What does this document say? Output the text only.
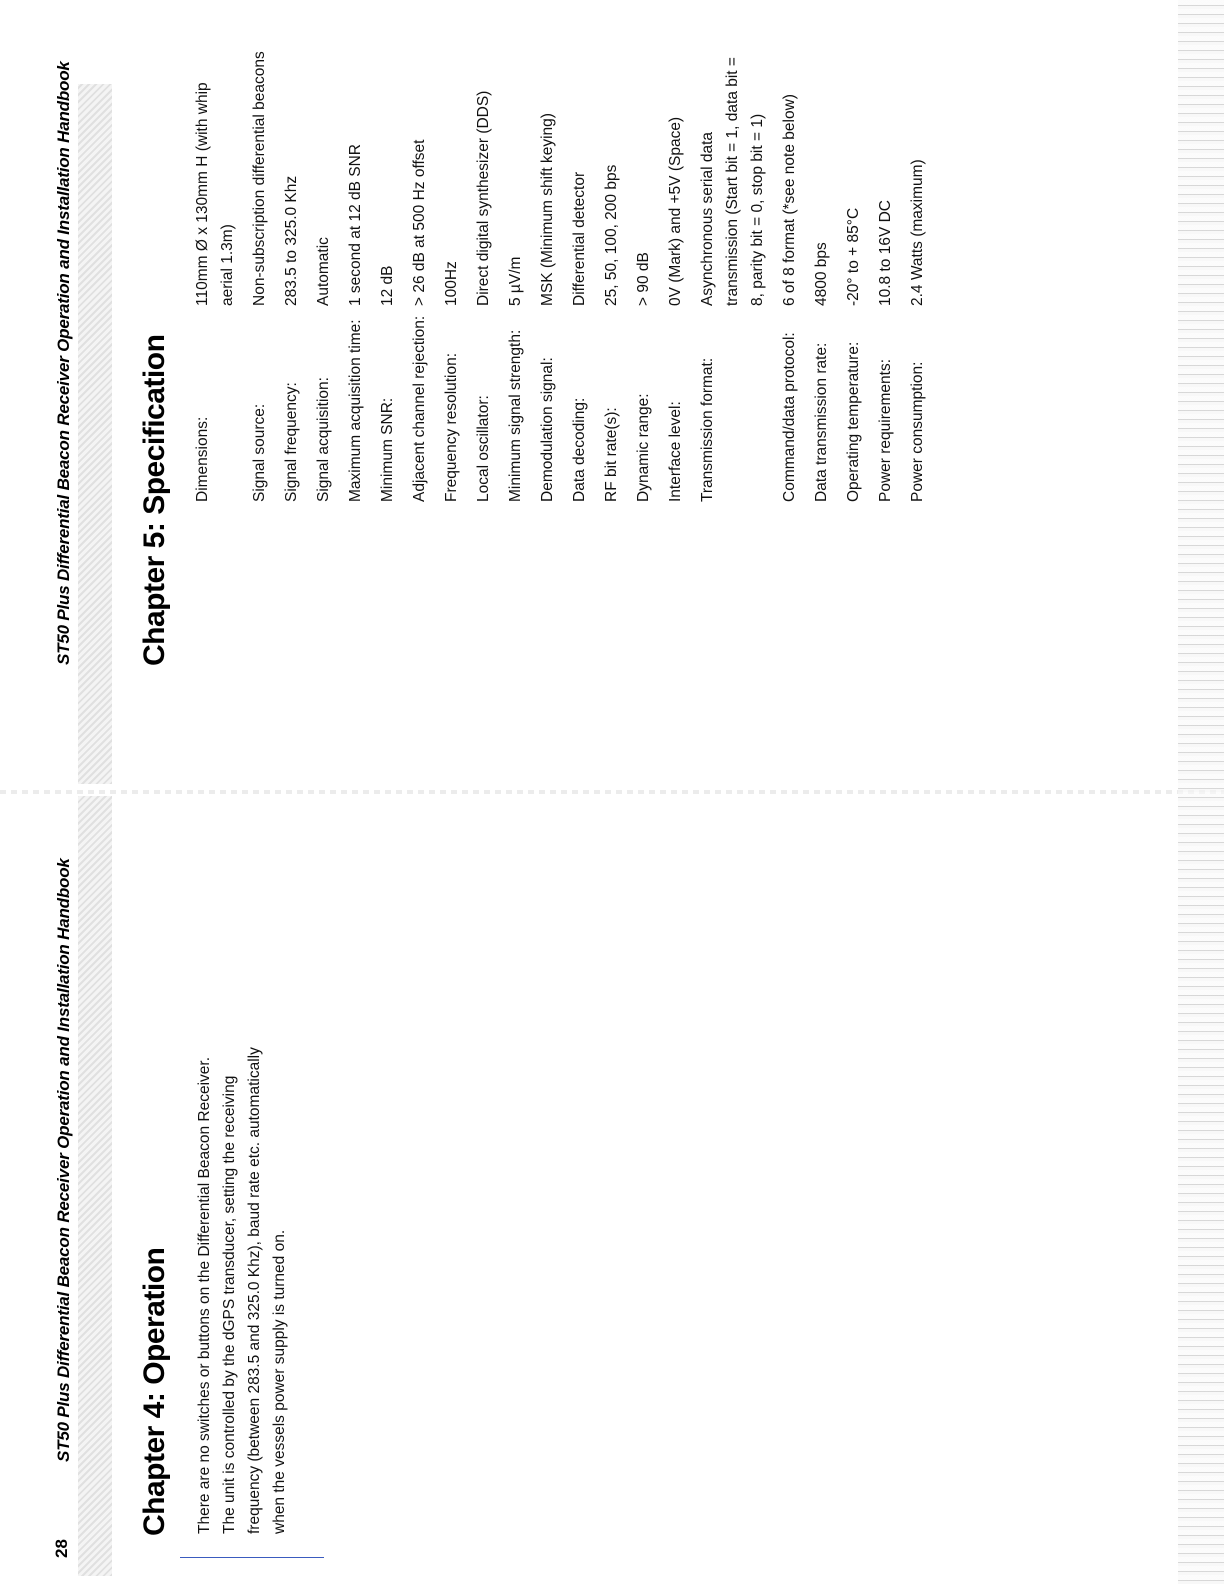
28
ST50 Plus Differential Beacon Receiver Operation and Installation Handbook Chapter 4: Operation There are no switches or buttons on the Differential Beacon Receiver. The unit is controlled by the dGPS transducer, setting the receiving frequency (between 283.5 and 325.0 Khz), baud rate etc. automatically when the vessels power supply is turned on.

ST50 Plus Differential Beacon Receiver Operation and Installation Handbook Chapter 5: Specification Dimensions:
110mm Ø x 130mm H (with whip aerial 1.3m)
Signal source:
Non-subscription differential beacons
Signal frequency:
283.5 to 325.0 Khz
Signal acquisition:
Automatic
Maximum acquisition time:
1 second at 12 dB SNR
Minimum SNR:
12 dB
Adjacent channel rejection:
> 26 dB at 500 Hz offset
Frequency resolution:
100Hz
Local oscillator:
Direct digital synthesizer (DDS)
Minimum signal strength:
5 µV/m
Demodulation signal:
MSK (Minimum shift keying)
Data decoding:
Differential detector
RF bit rate(s):
25, 50, 100, 200 bps
Dynamic range:
> 90 dB
Interface level:
0V (Mark) and +5V (Space)
Transmission format:
Asynchronous serial data transmission (Start bit = 1, data bit = 8, parity bit = 0, stop bit = 1)
Command/data protocol:
6 of 8 format (*see note below)
Data transmission rate:
4800 bps
Operating temperature:
-20° to + 85°C
Power requirements:
10.8 to 16V DC
Power consumption:
2.4 Watts (maximum)
